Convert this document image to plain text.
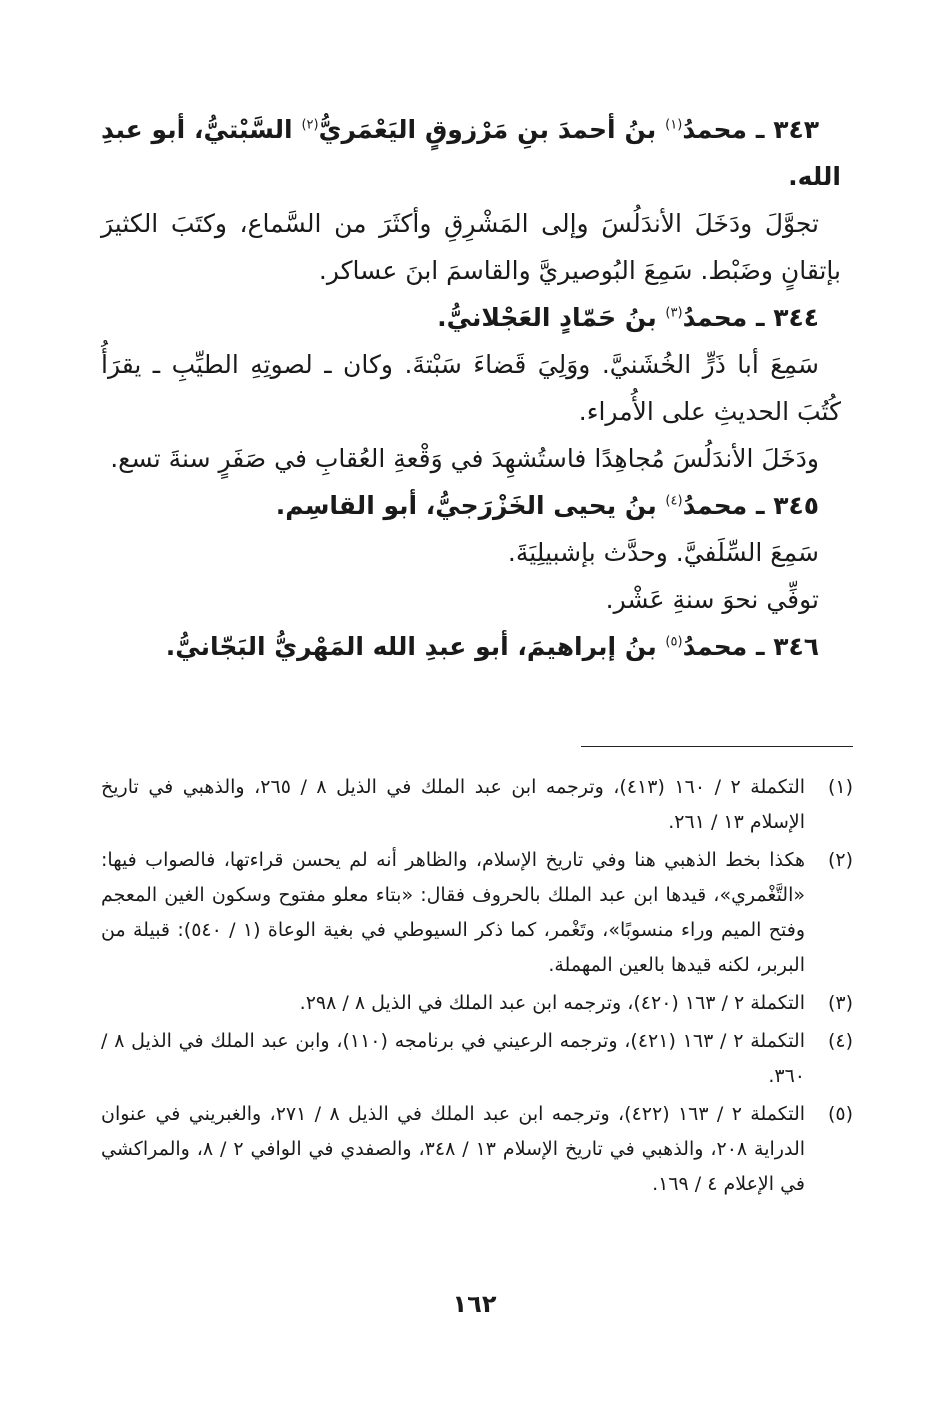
٣٤٣ ـ محمدُ$^{(١)}$ بنُ أحمدَ بنِ مَرْزوقٍ اليَعْمَريُّ$^{(٢)}$ السَّبْتيُّ، أبو عبدِ الله.

تجوَّلَ ودَخَلَ الأندَلُسَ وإلى المَشْرِقِ وأكثَرَ من السَّماع، وكتَبَ الكثيرَ بإتقانٍ وضَبْط. سَمِعَ البُوصيريَّ والقاسمَ ابنَ عساكر.

٣٤٤ ـ محمدُ$^{(٣)}$ بنُ حَمّادٍ العَجْلانيُّ.

سَمِعَ أبا ذَرٍّ الخُشَنيَّ. ووَلِيَ قَضاءَ سَبْتةَ. وكان ـ لصوتِهِ الطيِّبِ ـ يقرَأُ كُتُبَ الحديثِ على الأُمراء.

ودَخَلَ الأندَلُسَ مُجاهِدًا فاستُشهِدَ في وَقْعةِ العُقابِ في صَفَرٍ سنةَ تسع.

٣٤٥ ـ محمدُ$^{(٤)}$ بنُ يحيى الخَزْرَجيُّ، أبو القاسِم.

سَمِعَ السِّلَفيَّ. وحدَّث بإشبيلِيَةَ.

توفِّي نحوَ سنةِ عَشْر.

٣٤٦ ـ محمدُ$^{(٥)}$ بنُ إبراهيمَ، أبو عبدِ الله المَهْريُّ البَجّانيُّ.

(١)
التكملة ٢ / ١٦٠ (٤١٣)، وترجمه ابن عبد الملك في الذيل ٨ / ٢٦٥، والذهبي في تاريخ الإسلام ١٣ / ٢٦١.
(٢)
هكذا بخط الذهبي هنا وفي تاريخ الإسلام، والظاهر أنه لم يحسن قراءتها، فالصواب فيها: «التَّغْمري»، قيدها ابن عبد الملك بالحروف فقال: «بتاء معلو مفتوح وسكون الغين المعجم وفتح الميم وراء منسوبًا»، وتَغْمر، كما ذكر السيوطي في بغية الوعاة (١ / ٥٤٠): قبيلة من البربر، لكنه قيدها بالعين المهملة.
(٣)
التكملة ٢ / ١٦٣ (٤٢٠)، وترجمه ابن عبد الملك في الذيل ٨ / ٢٩٨.
(٤)
التكملة ٢ / ١٦٣ (٤٢١)، وترجمه الرعيني في برنامجه (١١٠)، وابن عبد الملك في الذيل ٨ / ٣٦٠.
(٥)
التكملة ٢ / ١٦٣ (٤٢٢)، وترجمه ابن عبد الملك في الذيل ٨ / ٢٧١، والغبريني في عنوان الدراية ٢٠٨، والذهبي في تاريخ الإسلام ١٣ / ٣٤٨، والصفدي في الوافي ٢ / ٨، والمراكشي في الإعلام ٤ / ١٦٩.
١٦٢
